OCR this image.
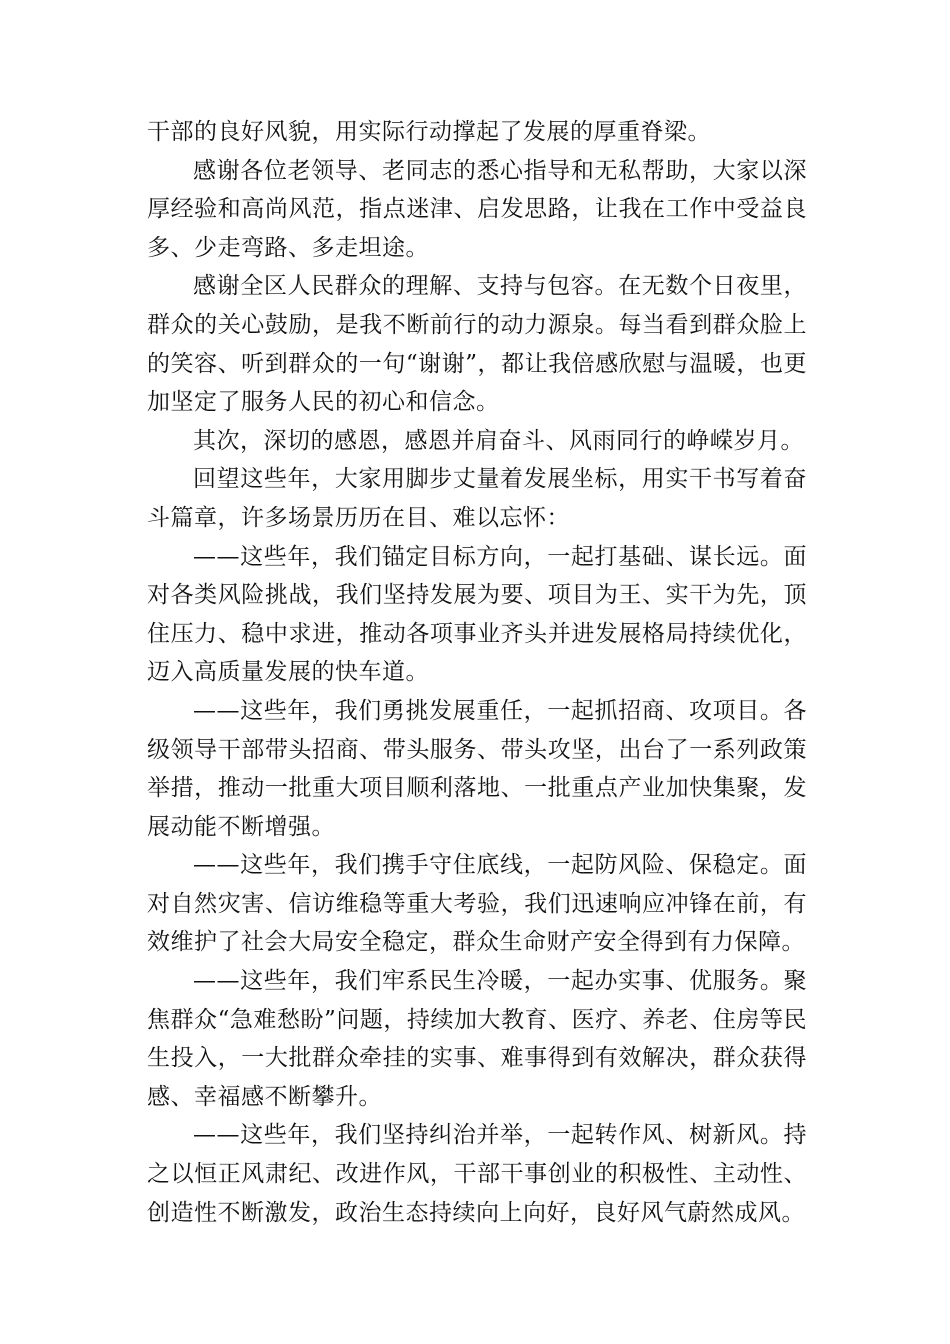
干部的良好风貌，用实际行动撑起了发展的厚重脊梁。

感谢各位老领导、老同志的悉心指导和无私帮助，大家以深厚经验和高尚风范，指点迷津、启发思路，让我在工作中受益良多、少走弯路、多走坦途。

感谢全区人民群众的理解、支持与包容。在无数个日夜里，群众的关心鼓励，是我不断前行的动力源泉。每当看到群众脸上的笑容、听到群众的一句“谢谢”，都让我倍感欣慰与温暖，也更加坚定了服务人民的初心和信念。

其次，深切的感恩，感恩并肩奋斗、风雨同行的峥嵘岁月。

回望这些年，大家用脚步丈量着发展坐标，用实干书写着奋斗篇章，许多场景历历在目、难以忘怀：

——这些年，我们锚定目标方向，一起打基础、谋长远。面对各类风险挑战，我们坚持发展为要、项目为王、实干为先，顶住压力、稳中求进，推动各项事业齐头并进发展格局持续优化，迈入高质量发展的快车道。

——这些年，我们勇挑发展重任，一起抓招商、攻项目。各级领导干部带头招商、带头服务、带头攻坚，出台了一系列政策举措，推动一批重大项目顺利落地、一批重点产业加快集聚，发展动能不断增强。

——这些年，我们携手守住底线，一起防风险、保稳定。面对自然灾害、信访维稳等重大考验，我们迅速响应冲锋在前，有效维护了社会大局安全稳定，群众生命财产安全得到有力保障。

——这些年，我们牢系民生冷暖，一起办实事、优服务。聚焦群众“急难愁盼”问题，持续加大教育、医疗、养老、住房等民生投入，一大批群众牵挂的实事、难事得到有效解决，群众获得感、幸福感不断攀升。

——这些年，我们坚持纠治并举，一起转作风、树新风。持之以恒正风肃纪、改进作风，干部干事创业的积极性、主动性、创造性不断激发，政治生态持续向上向好，良好风气蔚然成风。
